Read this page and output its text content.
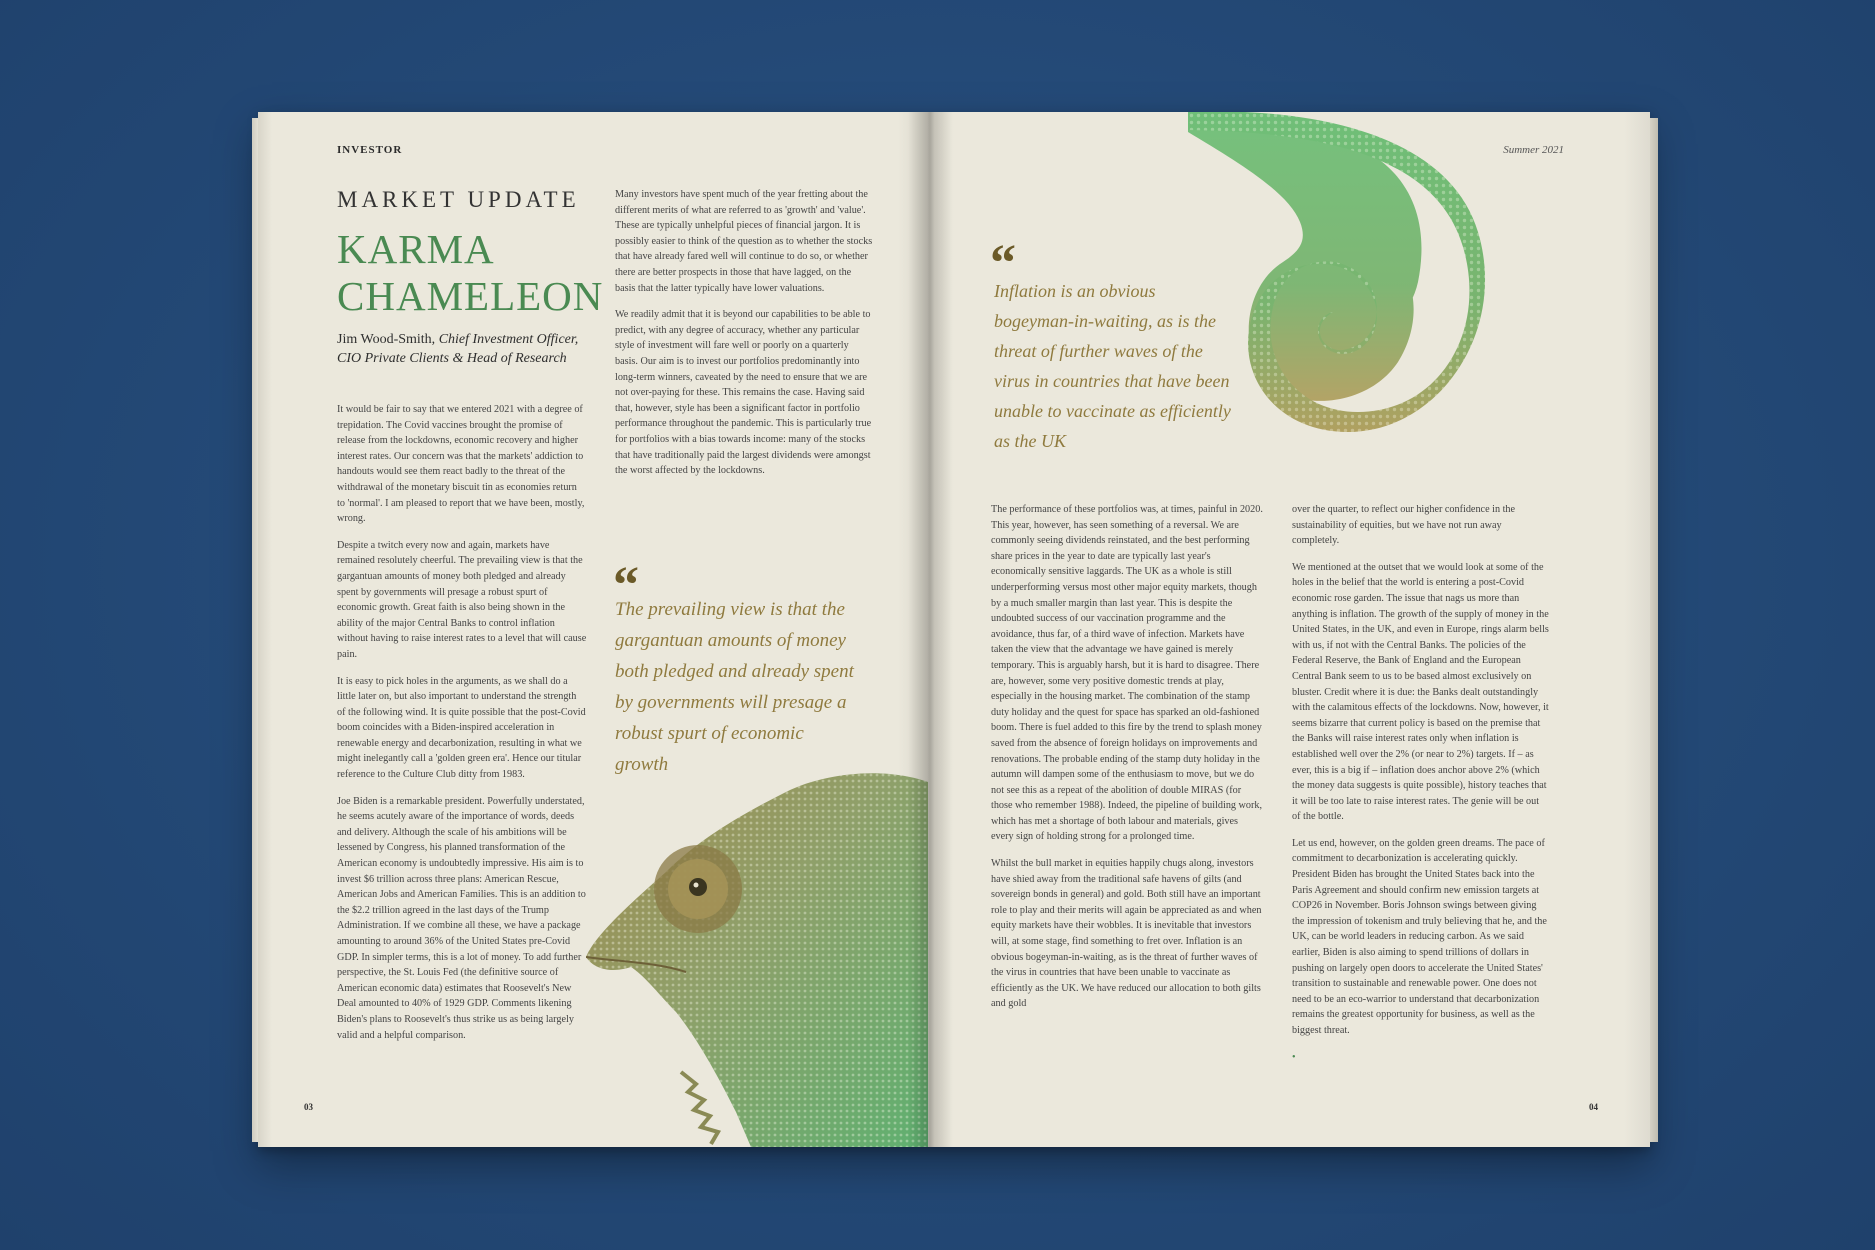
INVESTOR
MARKET UPDATE
KARMA
CHAMELEON
Jim Wood-Smith, Chief Investment Officer,
CIO Private Clients & Head of Research

It would be fair to say that we entered 2021 with a degree of trepidation. The Covid vaccines brought the promise of release from the lockdowns, economic recovery and higher interest rates. Our concern was that the markets' addiction to handouts would see them react badly to the threat of the withdrawal of the monetary biscuit tin as economies return to 'normal'. I am pleased to report that we have been, mostly, wrong.

Despite a twitch every now and again, markets have remained resolutely cheerful. The prevailing view is that the gargantuan amounts of money both pledged and already spent by governments will presage a robust spurt of economic growth. Great faith is also being shown in the ability of the major Central Banks to control inflation without having to raise interest rates to a level that will cause pain.

It is easy to pick holes in the arguments, as we shall do a little later on, but also important to understand the strength of the following wind. It is quite possible that the post-Covid boom coincides with a Biden-inspired acceleration in renewable energy and decarbonization, resulting in what we might inelegantly call a 'golden green era'. Hence our titular reference to the Culture Club ditty from 1983.

Joe Biden is a remarkable president. Powerfully understated, he seems acutely aware of the importance of words, deeds and delivery. Although the scale of his ambitions will be lessened by Congress, his planned transformation of the American economy is undoubtedly impressive. His aim is to invest $6 trillion across three plans: American Rescue, American Jobs and American Families. This is an addition to the $2.2 trillion agreed in the last days of the Trump Administration. If we combine all these, we have a package amounting to around 36% of the United States pre-Covid GDP. In simpler terms, this is a lot of money. To add further perspective, the St. Louis Fed (the definitive source of American economic data) estimates that Roosevelt's New Deal amounted to 40% of 1929 GDP. Comments likening Biden's plans to Roosevelt's thus strike us as being largely valid and a helpful comparison.

Many investors have spent much of the year fretting about the different merits of what are referred to as 'growth' and 'value'. These are typically unhelpful pieces of financial jargon. It is possibly easier to think of the question as to whether the stocks that have already fared well will continue to do so, or whether there are better prospects in those that have lagged, on the basis that the latter typically have lower valuations.

We readily admit that it is beyond our capabilities to be able to predict, with any degree of accuracy, whether any particular style of investment will fare well or poorly on a quarterly basis. Our aim is to invest our portfolios predominantly into long-term winners, caveated by the need to ensure that we are not over-paying for these. This remains the case. Having said that, however, style has been a significant factor in portfolio performance throughout the pandemic. This is particularly true for portfolios with a bias towards income: many of the stocks that have traditionally paid the largest dividends were amongst the worst affected by the lockdowns.

“
The prevailing view is that the gargantuan amounts of money both pledged and already spent by governments will presage a robust spurt of economic growth
03
Summer 2021
“
Inflation is an obvious bogeyman-in-waiting, as is the threat of further waves of the virus in countries that have been unable to vaccinate as efficiently as the UK

The performance of these portfolios was, at times, painful in 2020. This year, however, has seen something of a reversal. We are commonly seeing dividends reinstated, and the best performing share prices in the year to date are typically last year's economically sensitive laggards. The UK as a whole is still underperforming versus most other major equity markets, though by a much smaller margin than last year. This is despite the undoubted success of our vaccination programme and the avoidance, thus far, of a third wave of infection. Markets have taken the view that the advantage we have gained is merely temporary. This is arguably harsh, but it is hard to disagree. There are, however, some very positive domestic trends at play, especially in the housing market. The combination of the stamp duty holiday and the quest for space has sparked an old-fashioned boom. There is fuel added to this fire by the trend to splash money saved from the absence of foreign holidays on improvements and renovations. The probable ending of the stamp duty holiday in the autumn will dampen some of the enthusiasm to move, but we do not see this as a repeat of the abolition of double MIRAS (for those who remember 1988). Indeed, the pipeline of building work, which has met a shortage of both labour and materials, gives every sign of holding strong for a prolonged time.

Whilst the bull market in equities happily chugs along, investors have shied away from the traditional safe havens of gilts (and sovereign bonds in general) and gold. Both still have an important role to play and their merits will again be appreciated as and when equity markets have their wobbles. It is inevitable that investors will, at some stage, find something to fret over. Inflation is an obvious bogeyman-in-waiting, as is the threat of further waves of the virus in countries that have been unable to vaccinate as efficiently as the UK. We have reduced our allocation to both gilts and gold

over the quarter, to reflect our higher confidence in the sustainability of equities, but we have not run away completely.

We mentioned at the outset that we would look at some of the holes in the belief that the world is entering a post-Covid economic rose garden. The issue that nags us more than anything is inflation. The growth of the supply of money in the United States, in the UK, and even in Europe, rings alarm bells with us, if not with the Central Banks. The policies of the Federal Reserve, the Bank of England and the European Central Bank seem to us to be based almost exclusively on bluster. Credit where it is due: the Banks dealt outstandingly with the calamitous effects of the lockdowns. Now, however, it seems bizarre that current policy is based on the premise that the Banks will raise interest rates only when inflation is established well over the 2% (or near to 2%) targets. If – as ever, this is a big if – inflation does anchor above 2% (which the money data suggests is quite possible), history teaches that it will be too late to raise interest rates. The genie will be out of the bottle.

Let us end, however, on the golden green dreams. The pace of commitment to decarbonization is accelerating quickly. President Biden has brought the United States back into the Paris Agreement and should confirm new emission targets at COP26 in November. Boris Johnson swings between giving the impression of tokenism and truly believing that he, and the UK, can be world leaders in reducing carbon. As we said earlier, Biden is also aiming to spend trillions of dollars in pushing on largely open doors to accelerate the United States' transition to sustainable and renewable power. One does not need to be an eco-warrior to understand that decarbonization remains the greatest opportunity for business, as well as the biggest threat.

•

04
